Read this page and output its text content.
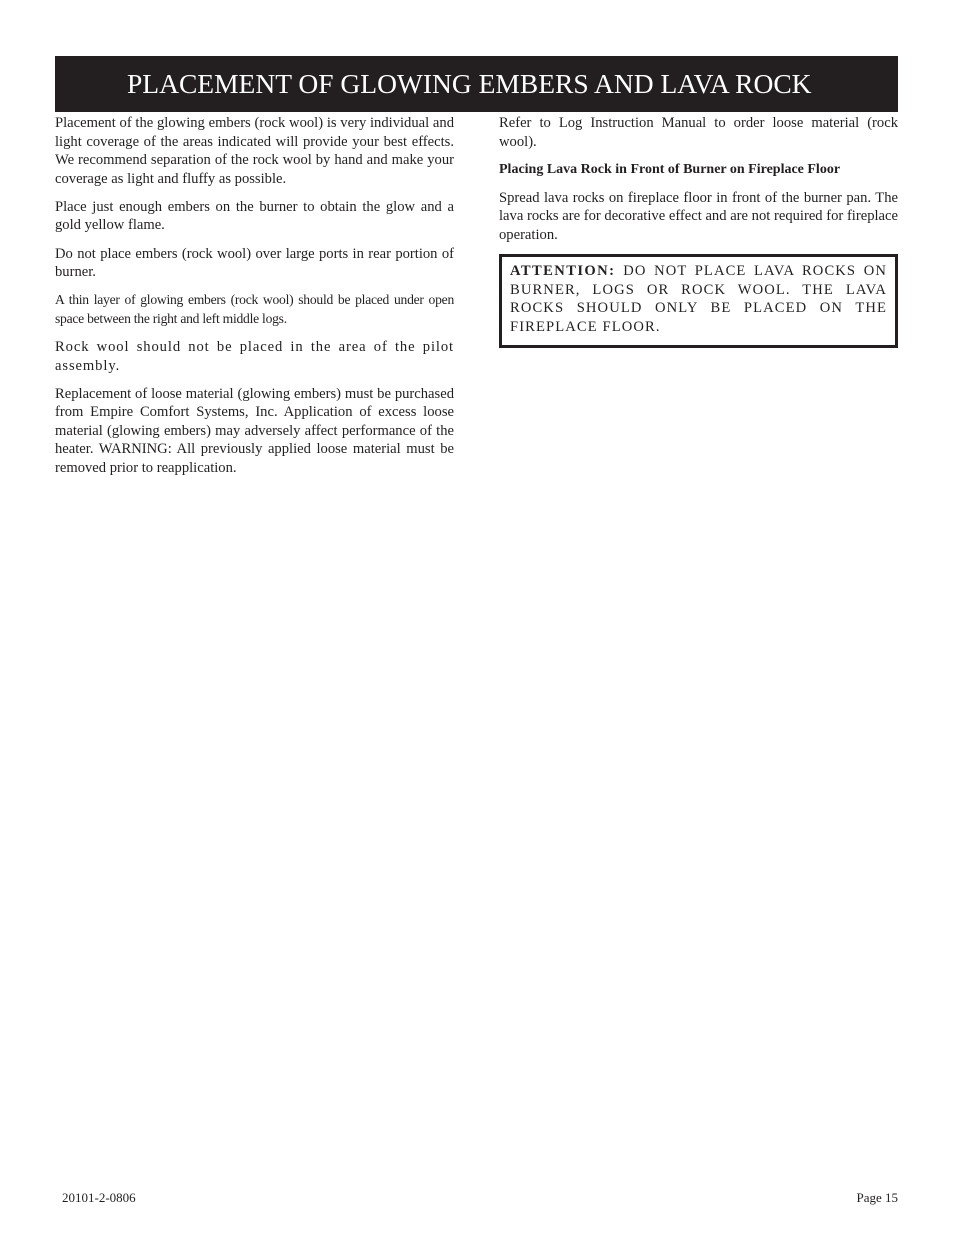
PLACEMENT OF GLOWING EMBERS AND LAVA ROCK

Placement of the glowing embers (rock wool) is very individual and light coverage of the areas indicated will provide your best effects. We recommend separation of the rock wool by hand and make your coverage as light and fluffy as possible.

Place just enough embers on the burner to obtain the glow and a gold yellow flame.

Do not place embers (rock wool) over large ports in rear portion of burner.

A thin layer of glowing embers (rock wool) should be placed under open space between the right and left middle logs.

Rock wool should not be placed in the area of the pilot assembly.

Replacement of loose material (glowing embers) must be purchased from Empire Comfort Systems, Inc. Application of excess loose material (glowing embers) may adversely affect performance of the heater. WARNING: All previously applied loose material must be removed prior to reapplication.

Refer to Log Instruction Manual to order loose material (rock wool).

Placing Lava Rock in Front of Burner on Fireplace Floor

Spread lava rocks on fireplace floor in front of the burner pan. The lava rocks are for decorative effect and are not required for fireplace operation.

ATTENTION: DO NOT PLACE LAVA ROCKS ON BURNER, LOGS OR ROCK WOOL. THE LAVA ROCKS SHOULD ONLY BE PLACED ON THE FIREPLACE FLOOR.
20101-2-0806	Page 15
